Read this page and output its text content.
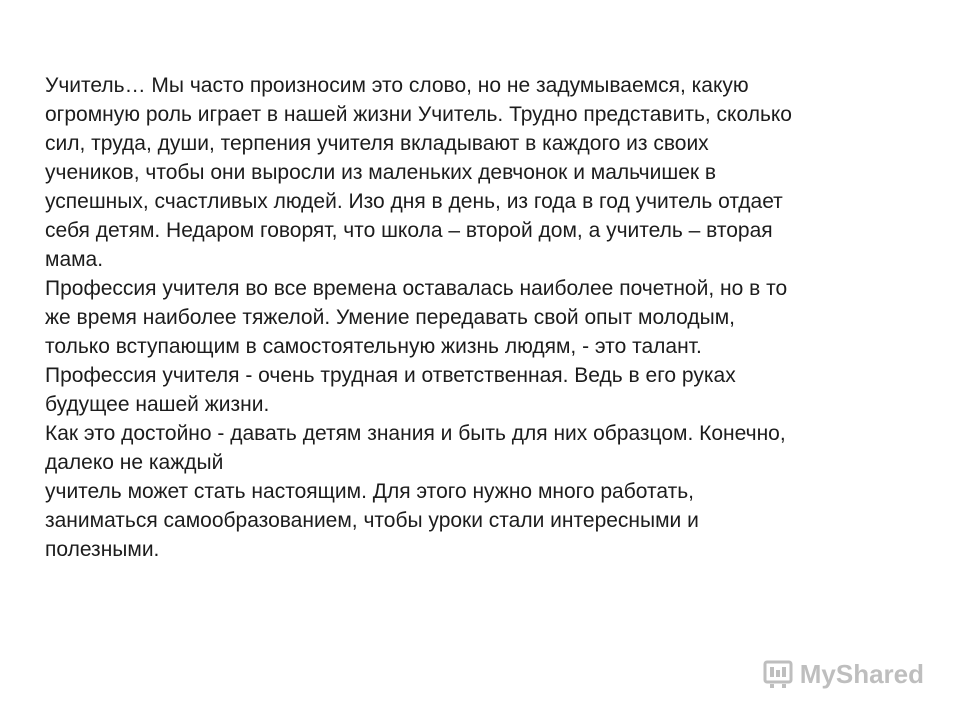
Учитель… Мы часто произносим это слово, но не задумываемся, какую
огромную роль играет в нашей жизни Учитель. Трудно представить, сколько
сил, труда, души, терпения учителя вкладывают в каждого из своих
учеников, чтобы они выросли из маленьких девчонок и мальчишек в
успешных, счастливых людей. Изо дня в день, из года в год учитель отдает
себя детям. Недаром говорят, что школа – второй дом, а учитель – вторая
мама.
Профессия учителя во все времена оставалась наиболее почетной, но в то
же время наиболее тяжелой. Умение передавать свой опыт молодым,
только вступающим в самостоятельную жизнь людям, - это талант.
Профессия учителя - очень трудная и ответственная. Ведь в его руках
будущее нашей жизни.
Как это достойно - давать детям знания и быть для них образцом. Конечно,
далеко не каждый
учитель может стать настоящим. Для этого нужно много работать,
заниматься самообразованием, чтобы уроки стали интересными и
полезными.
MyShared
